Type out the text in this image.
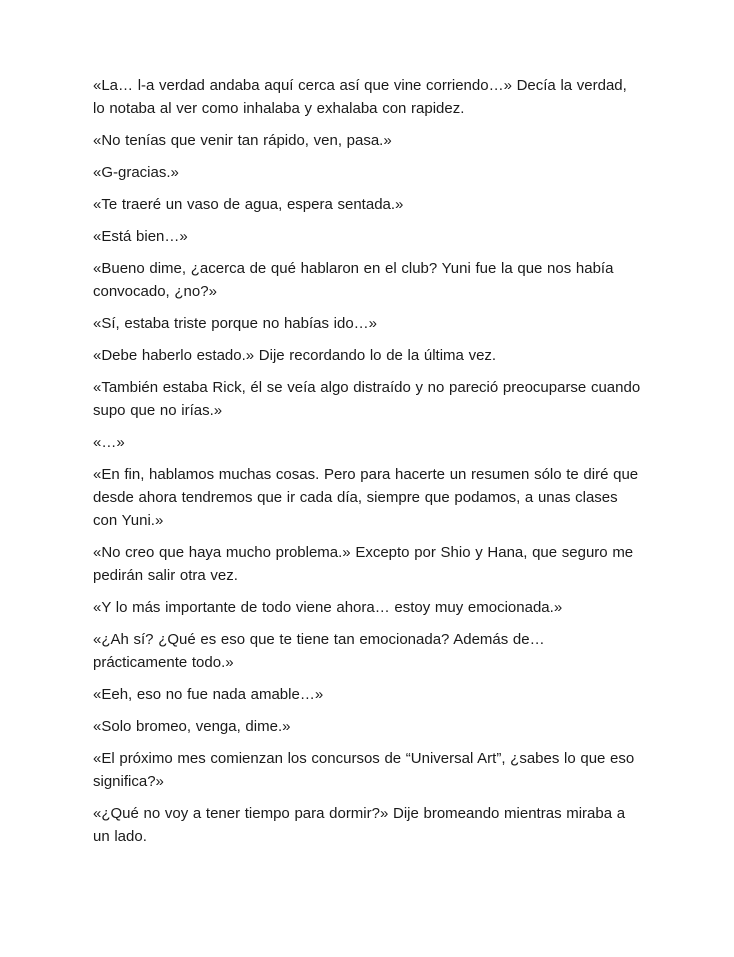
«La… l-a verdad andaba aquí cerca así que vine corriendo…» Decía la verdad, lo notaba al ver como inhalaba y exhalaba con rapidez.

«No tenías que venir tan rápido, ven, pasa.»

«G-gracias.»

«Te traeré un vaso de agua, espera sentada.»

«Está bien…»

«Bueno dime, ¿acerca de qué hablaron en el club? Yuni fue la que nos había convocado, ¿no?»

«Sí, estaba triste porque no habías ido…»

«Debe haberlo estado.» Dije recordando lo de la última vez.

«También estaba Rick, él se veía algo distraído y no pareció preocuparse cuando supo que no irías.»

«…»

«En fin, hablamos muchas cosas. Pero para hacerte un resumen sólo te diré que desde ahora tendremos que ir cada día, siempre que podamos, a unas clases con Yuni.»

«No creo que haya mucho problema.» Excepto por Shio y Hana, que seguro me pedirán salir otra vez.

«Y lo más importante de todo viene ahora… estoy muy emocionada.»

«¿Ah sí? ¿Qué es eso que te tiene tan emocionada? Además de… prácticamente todo.»

«Eeh, eso no fue nada amable…»

«Solo bromeo, venga, dime.»

«El próximo mes comienzan los concursos de “Universal Art”, ¿sabes lo que eso significa?»

«¿Qué no voy a tener tiempo para dormir?» Dije bromeando mientras miraba a un lado.
